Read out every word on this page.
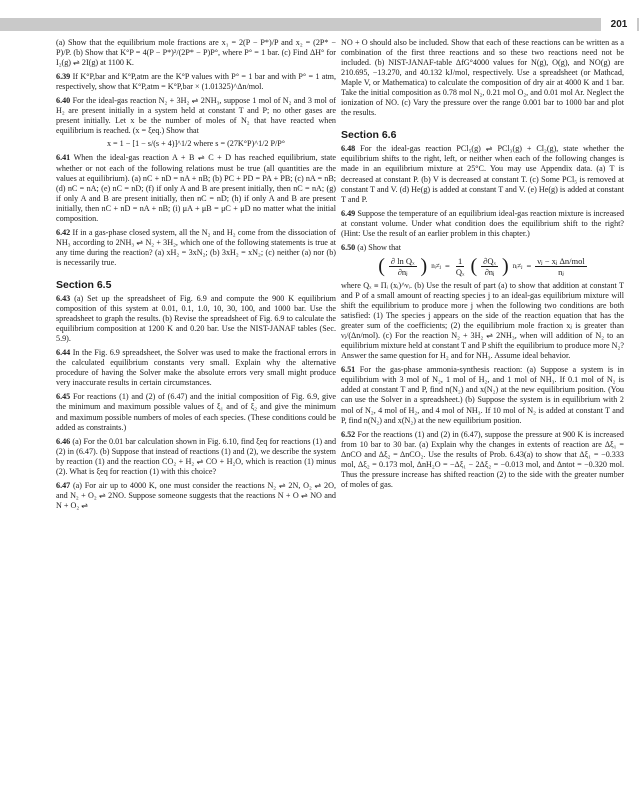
201

(a) Show that the equilibrium mole fractions are x₁ = 2(P − P*)/P and x₂ = (2P* − P)/P. (b) Show that K°P = 4(P − P*)²/(2P* − P)P°, where P° = 1 bar. (c) Find ΔH° for I₂(g) ⇌ 2I(g) at 1100 K.

6.39 If K°P,bar and K°P,atm are the K°P values with P° = 1 bar and with P° = 1 atm, respectively, show that K°P,atm = K°P,bar × (1.01325)^Δn/mol.

6.40 For the ideal-gas reaction N₂ + 3H₂ ⇌ 2NH₃, suppose 1 mol of N₂ and 3 mol of H₂ are present initially in a system held at constant T and P; no other gases are present initially. Let x be the number of moles of N₂ that have reacted when equilibrium is reached. (x = ξeq.) Show that

x = 1 − [1 − s/(s + 4)]^1/2 where s = (27K°P)^1/2 P/P°

6.41 When the ideal-gas reaction A + B ⇌ C + D has reached equilibrium, state whether or not each of the following relations must be true (all quantities are the values at equilibrium). (a) nC + nD = nA + nB; (b) PC + PD = PA + PB; (c) nA = nB; (d) nC = nA; (e) nC = nD; (f) if only A and B are present initially, then nC = nA; (g) if only A and B are present initially, then nC = nD; (h) if only A and B are present initially, then nC + nD = nA + nB; (i) μA + μB = μC + μD no matter what the initial composition.

6.42 If in a gas-phase closed system, all the N₂ and H₂ come from the dissociation of NH₃ according to 2NH₃ ⇌ N₂ + 3H₂, which one of the following statements is true at any time during the reaction? (a) xH₂ = 3xN₂; (b) 3xH₂ = xN₂; (c) neither (a) nor (b) is necessarily true.

Section 6.5

6.43 (a) Set up the spreadsheet of Fig. 6.9 and compute the 900 K equilibrium composition of this system at 0.01, 0.1, 1.0, 10, 30, 100, and 1000 bar. Use the spreadsheet to graph the results. (b) Revise the spreadsheet of Fig. 6.9 to calculate the equilibrium composition at 1200 K and 0.20 bar. Use the NIST-JANAF tables (Sec. 5.9).

6.44 In the Fig. 6.9 spreadsheet, the Solver was used to make the fractional errors in the calculated equilibrium constants very small. Explain why the alternative procedure of having the Solver make the absolute errors very small might produce very inaccurate results in certain circumstances.

6.45 For reactions (1) and (2) of (6.47) and the initial composition of Fig. 6.9, give the minimum and maximum possible values of ξ₁ and of ξ₂ and give the minimum and maximum possible numbers of moles of each species. (These conditions could be added as constraints.)

6.46 (a) For the 0.01 bar calculation shown in Fig. 6.10, find ξeq for reactions (1) and (2) in (6.47). (b) Suppose that instead of reactions (1) and (2), we describe the system by reaction (1) and the reaction CO₂ + H₂ ⇌ CO + H₂O, which is reaction (1) minus (2). What is ξeq for reaction (1) with this choice?

6.47 (a) For air up to 4000 K, one must consider the reactions N₂ ⇌ 2N, O₂ ⇌ 2O, and N₂ + O₂ ⇌ 2NO. Suppose someone suggests that the reactions N + O ⇌ NO and N + O₂ ⇌

NO + O should also be included. Show that each of these reactions can be written as a combination of the first three reactions and so these two reactions need not be included. (b) NIST-JANAF-table ΔfG°4000 values for N(g), O(g), and NO(g) are 210.695, −13.270, and 40.132 kJ/mol, respectively. Use a spreadsheet (or Mathcad, Maple V, or Mathematica) to calculate the composition of dry air at 4000 K and 1 bar. Take the initial composition as 0.78 mol N₂, 0.21 mol O₂, and 0.01 mol Ar. Neglect the ionization of NO. (c) Vary the pressure over the range 0.001 bar to 1000 bar and plot the results.

Section 6.6

6.48 For the ideal-gas reaction PCl₅(g) ⇌ PCl₃(g) + Cl₂(g), state whether the equilibrium shifts to the right, left, or neither when each of the following changes is made in an equilibrium mixture at 25°C. You may use Appendix data. (a) T is decreased at constant P. (b) V is decreased at constant T. (c) Some PCl₅ is removed at constant T and V. (d) He(g) is added at constant T and V. (e) He(g) is added at constant T and P.

6.49 Suppose the temperature of an equilibrium ideal-gas reaction mixture is increased at constant volume. Under what condition does the equilibrium shift to the right? (Hint: Use the result of an earlier problem in this chapter.)

6.50 (a) Show that

( $\frac{\text{∂ ln Qₓ}}{\text{∂nⱼ}}$ ) nᵢ≠ⱼ = $\frac{1}{\text{Qₓ}}$ ( $\frac{\text{∂Qₓ}}{\text{∂nⱼ}}$ ) nᵢ≠ⱼ = $\frac{\text{νⱼ − xⱼ Δn/mol}}{\text{nⱼ}}$

where Qₓ ≡ Πᵢ (xᵢ)^νᵢ. (b) Use the result of part (a) to show that addition at constant T and P of a small amount of reacting species j to an ideal-gas equilibrium mixture will shift the equilibrium to produce more j when the following two conditions are both satisfied: (1) The species j appears on the side of the reaction equation that has the greater sum of the coefficients; (2) the equilibrium mole fraction xⱼ is greater than νⱼ/(Δn/mol). (c) For the reaction N₂ + 3H₂ ⇌ 2NH₃, when will addition of N₂ to an equilibrium mixture held at constant T and P shift the equilibrium to produce more N₂? Answer the same question for H₂ and for NH₃. Assume ideal behavior.

6.51 For the gas-phase ammonia-synthesis reaction: (a) Suppose a system is in equilibrium with 3 mol of N₂, 1 mol of H₂, and 1 mol of NH₃. If 0.1 mol of N₂ is added at constant T and P, find n(N₂) and x(N₂) at the new equilibrium position. (You can use the Solver in a spreadsheet.) (b) Suppose the system is in equilibrium with 2 mol of N₂, 4 mol of H₂, and 4 mol of NH₃. If 10 mol of N₂ is added at constant T and P, find n(N₂) and x(N₂) at the new equilibrium position.

6.52 For the reactions (1) and (2) in (6.47), suppose the pressure at 900 K is increased from 10 bar to 30 bar. (a) Explain why the changes in extents of reaction are Δξ₁ = ΔnCO and Δξ₂ = ΔnCO₂. Use the results of Prob. 6.43(a) to show that Δξ₁ = −0.333 mol, Δξ₂ = 0.173 mol, ΔnH₂O = −Δξ₁ − 2Δξ₂ = −0.013 mol, and Δntot = −0.320 mol. Thus the pressure increase has shifted reaction (2) to the side with the greater number of moles of gas.
